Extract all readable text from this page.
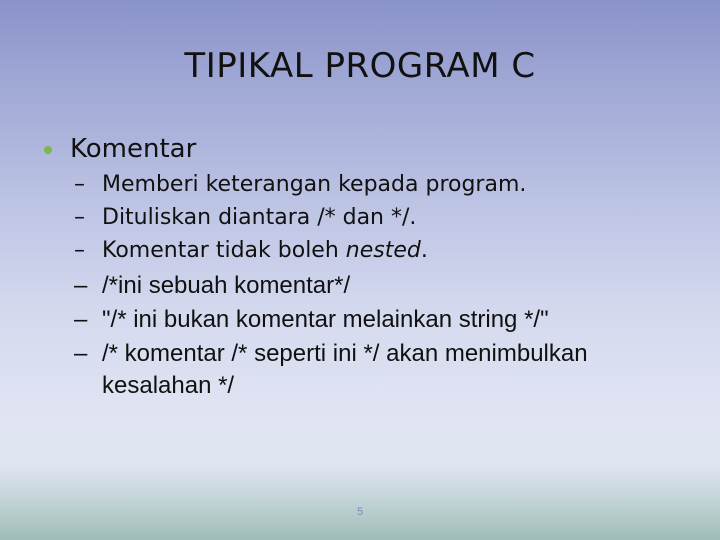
TIPIKAL PROGRAM C
Komentar
– Memberi keterangan kepada program.
– Dituliskan diantara /* dan */.
– Komentar tidak boleh nested.
– /*ini sebuah komentar*/
– "/* ini bukan komentar melainkan string */"
– /* komentar /* seperti ini */ akan menimbulkan
kesalahan */
5
